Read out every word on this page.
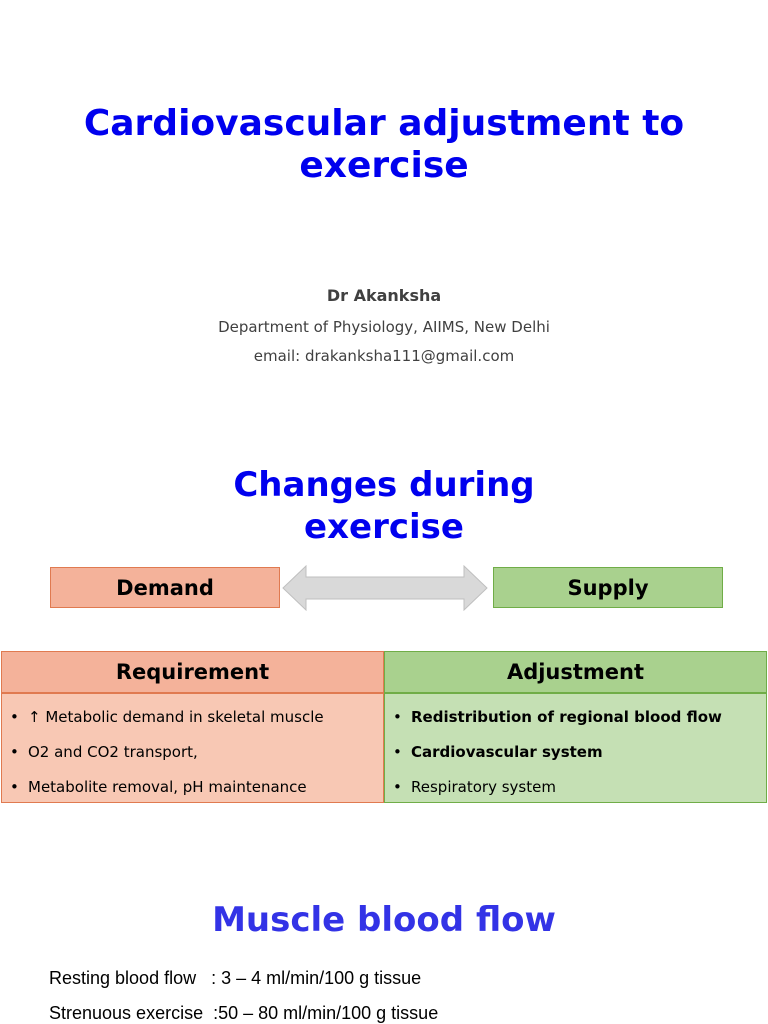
Cardiovascular adjustment to
exercise
Dr Akanksha
Department of Physiology, AIIMS, New Delhi
email: drakanksha111@gmail.com
Changes during
exercise
Demand	Supply
Requirement	Adjustment
• ↑ Metabolic demand in skeletal muscle
• O2 and CO2 transport,
• Metabolite removal, pH maintenance
• Redistribution of regional blood flow
• Cardiovascular system
• Respiratory system
Muscle blood flow
Resting blood flow   : 3 – 4 ml/min/100 g tissue
Strenuous exercise  :50 – 80 ml/min/100 g tissue
